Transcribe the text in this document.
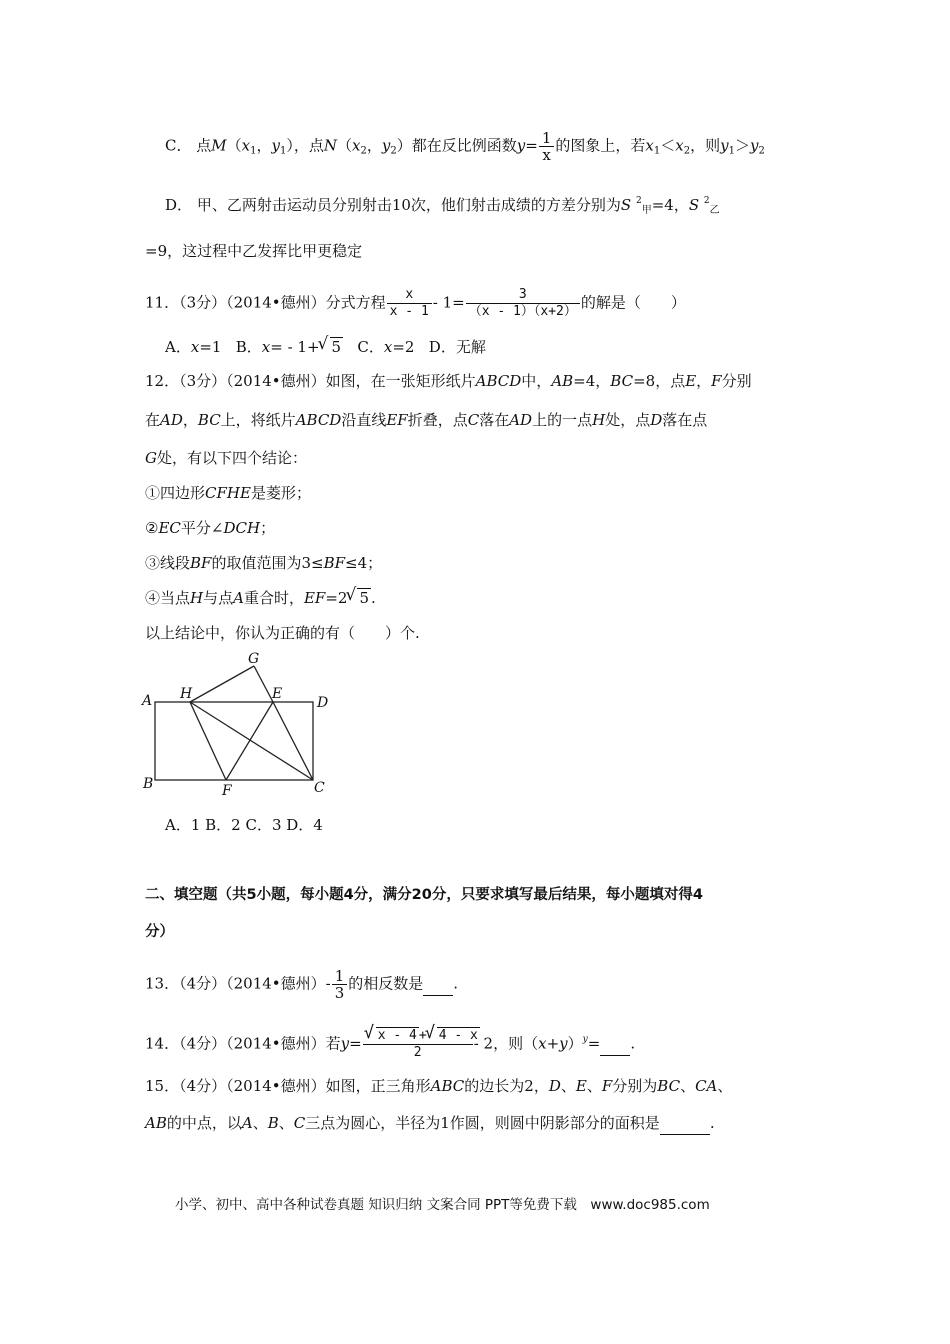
C． 点$M(x_1$，$y_1$），点$N(x_2$，$y_2$）都在反比例函数$y= \frac{1}{x}$ 的图象上，若$x_1<x_2$，则$y_1>y_2$
D． 甲、乙两射击运动员分别射击10次，他们射击成绩的方差分别为S $^2_甲$=4，S $^2_乙$
=9，这过程中乙发挥比甲更稳定
11．（3分）（2014•德州）分式方程 $\frac{x}{x - 1} - 1= \frac{3}{(x - 1)(x+2)}$ 的解是（　　）
A．x=1 B．x= - 1+ √ 5 C．x=2 D．无解
12．（3分）（2014•德州）如图，在一张矩形纸片ABCD中，AB=4，BC=8，点E，F分别
在AD，BC上，将纸片ABCD沿直线EF折叠，点C落在AD上的一点H处，点D落在点
G处，有以下四个结论：
①四边形CFHE是菱形；
②EC平分∠DCH；
③线段BF的取值范围为3≤BF≤4；
④当点H与点A重合时，EF=2 √ 5 .
以上结论中，你认为正确的有（　　）个.
A H
G
E
D
B	F	C
A．1 B．2 C．3 D．4
二、填空题（共5小题，每小题4分，满分20分，只要求填写最后结果，每小题填对得4
分）
13．（4分）（2014•德州）- $\frac{1}{3}$ 的相反数是 .
14．（4分）（2014•德州）若y= √ $\frac{x - 4 + √ 4 - x}{2} - 2$，则$(x+y)^y=$ .
15．（4分）（2014•德州）如图，正三角形ABC的边长为2，D、E、F分别为BC、CA、
AB的中点，以A、B、C三点为圆心，半径为1作圆，则圆中阴影部分的面积是	.
小学、初中、高中各种试卷真题 知识归纳 文案合同 PPT等免费下载　www.doc985.com
